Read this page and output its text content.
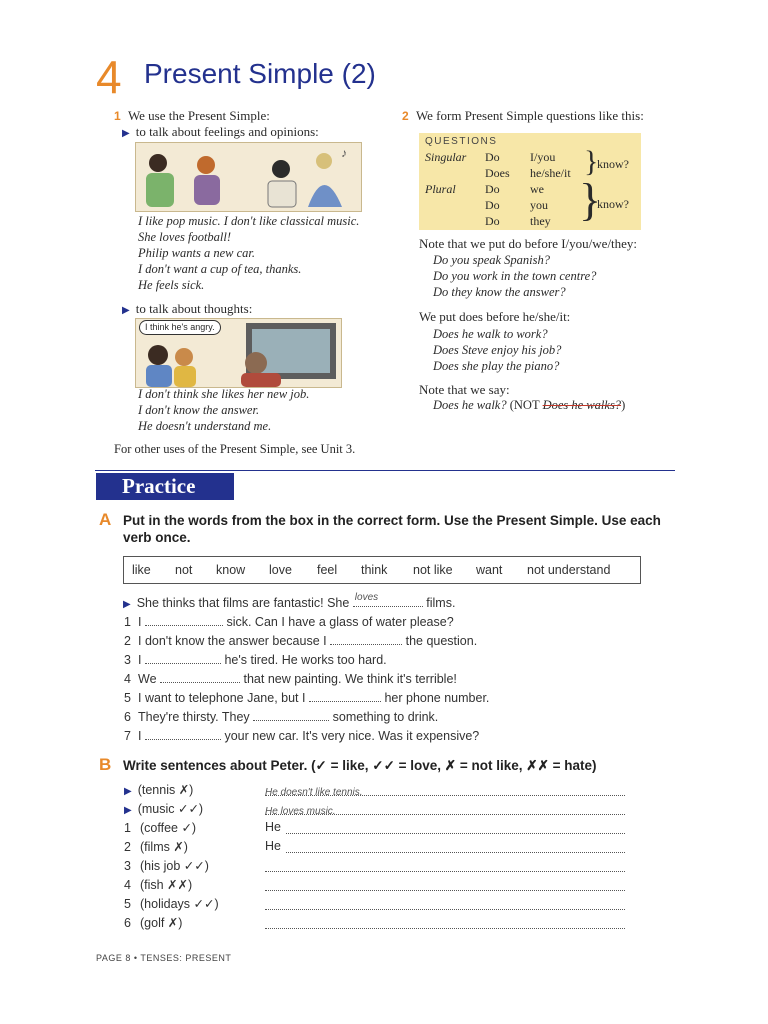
4 Present Simple (2)
1 We use the Present Simple:
▶ to talk about feelings and opinions:
♪
I like pop music. I don't like classical music.
She loves football!
Philip wants a new car.
I don't want a cup of tea, thanks.
He feels sick.
▶ to talk about thoughts:
I think he's angry.
I don't think she likes her new job.
I don't know the answer.
He doesn't understand me.
For other uses of the Present Simple, see Unit 3.
2 We form Present Simple questions like this:
QUESTIONS
Singular Do	I/you
Does he/she/it }
know?
Plural Do	we
Do	you
Do	they }
know?
Note that we put do before I/you/we/they:
Do you speak Spanish?
Do you work in the town centre?
Do they know the answer?
We put does before he/she/it:
Does he walk to work?
Does Steve enjoy his job?
Does she play the piano?
Note that we say:
Does he walk? (NOT Does he walks?)
Practice
A Put in the words from the box in the correct form. Use the Present Simple. Use each
verb once.
like not know love feel think not like want not understand
▶ She thinks that films are fantastic! She loves	films.
1 I	sick. Can I have a glass of water please?
2 I don't know the answer because I	the question.
3 I	he's tired. He works too hard.
4 We	that new painting. We think it's terrible!
5 I want to telephone Jane, but I	her phone number.
6 They're thirsty. They	something to drink.
7 I	your new car. It's very nice. Was it expensive?
B Write sentences about Peter. (✓ = like, ✓✓ = love, ✗ = not like, ✗✗ = hate)
▶ (tennis ✗)	He doesn't like tennis.
▶ (music ✓✓)	He loves music.
1 (coffee ✓)	He
2 (films ✗)	He
3 (his job ✓✓)
4 (fish ✗✗)
5 (holidays ✓✓)
6 (golf ✗)
PAGE 8 • TENSES: PRESENT
